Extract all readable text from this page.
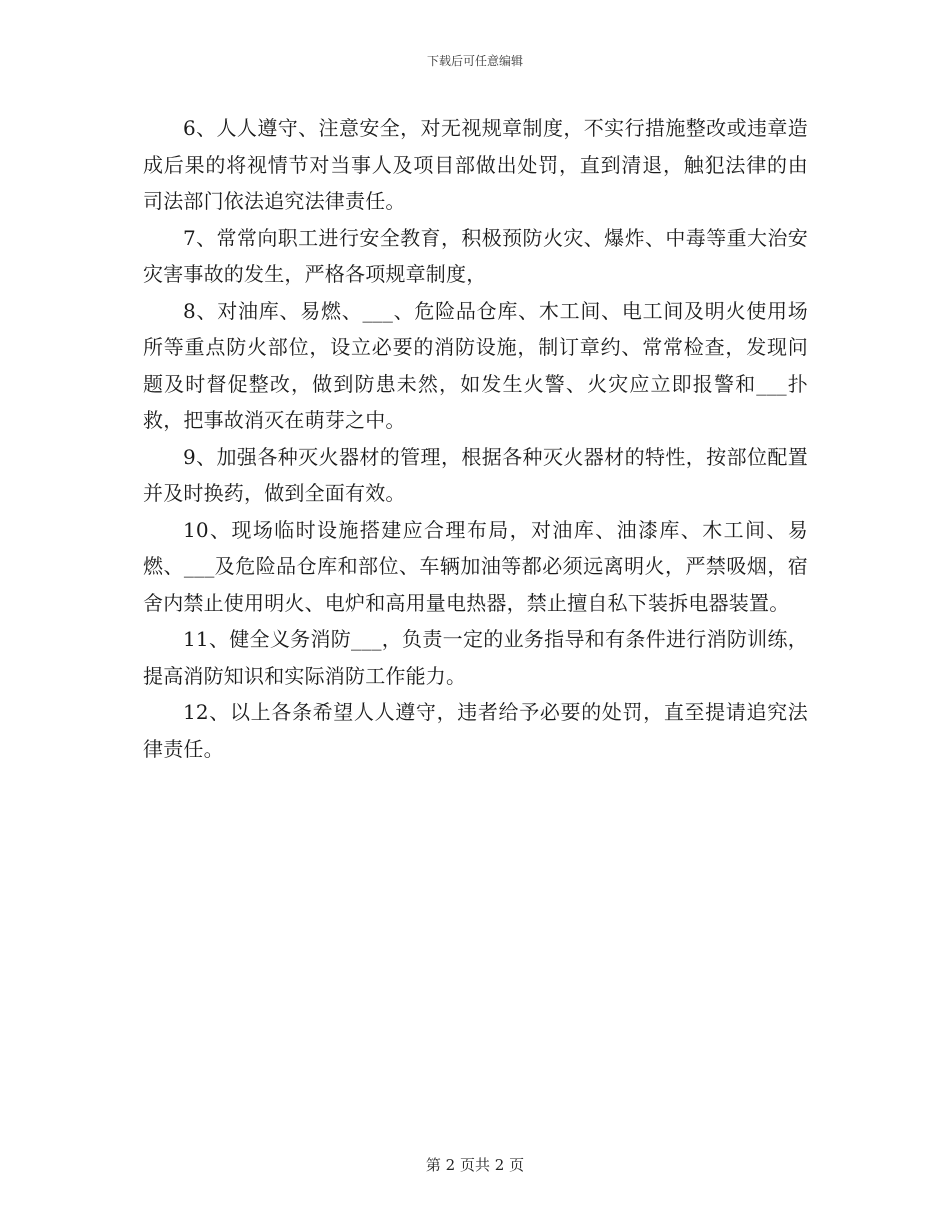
下载后可任意编辑

6、人人遵守、注意安全，对无视规章制度，不实行措施整改或违章造成后果的将视情节对当事人及项目部做出处罚，直到清退，触犯法律的由司法部门依法追究法律责任。

7、常常向职工进行安全教育，积极预防火灾、爆炸、中毒等重大治安灾害事故的发生，严格各项规章制度，

8、对油库、易燃、___、危险品仓库、木工间、电工间及明火使用场所等重点防火部位，设立必要的消防设施，制订章约、常常检查，发现问题及时督促整改，做到防患未然，如发生火警、火灾应立即报警和___扑救，把事故消灭在萌芽之中。

9、加强各种灭火器材的管理，根据各种灭火器材的特性，按部位配置并及时换药，做到全面有效。

10、现场临时设施搭建应合理布局，对油库、油漆库、木工间、易燃、___及危险品仓库和部位、车辆加油等都必须远离明火，严禁吸烟，宿舍内禁止使用明火、电炉和高用量电热器，禁止擅自私下装拆电器装置。

11、健全义务消防___，负责一定的业务指导和有条件进行消防训练，提高消防知识和实际消防工作能力。

12、以上各条希望人人遵守，违者给予必要的处罚，直至提请追究法律责任。

第 2 页共 2 页
